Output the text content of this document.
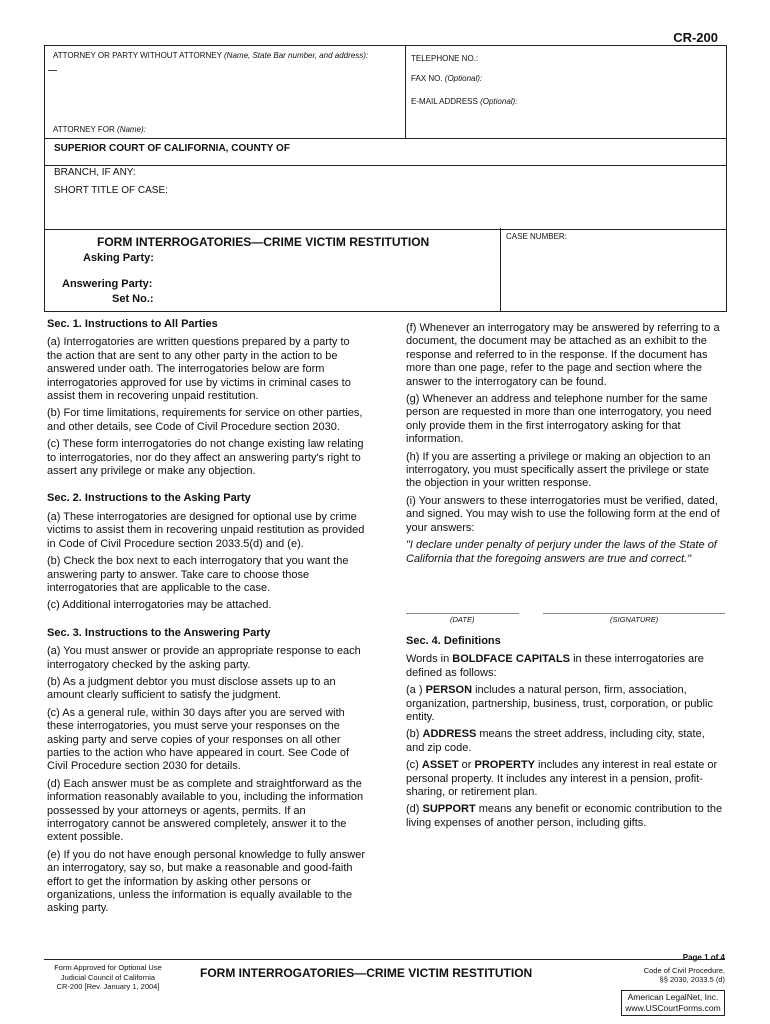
CR-200
ATTORNEY OR PARTY WITHOUT ATTORNEY (Name, State Bar number, and address):	TELEPHONE NO.:
FAX NO. (Optional):
E-MAIL ADDRESS (Optional):
ATTORNEY FOR (Name):
SUPERIOR COURT OF CALIFORNIA, COUNTY OF
BRANCH, IF ANY:
SHORT TITLE OF CASE:
FORM INTERROGATORIES—CRIME VICTIM RESTITUTION
Asking Party:
Answering Party:
Set No.:
CASE NUMBER:
Sec. 1. Instructions to All Parties

(a) Interrogatories are written questions prepared by a party to the action that are sent to any other party in the action to be answered under oath. The interrogatories below are form interrogatories approved for use by victims in criminal cases to assist them in recovering unpaid restitution.

(b) For time limitations, requirements for service on other parties, and other details, see Code of Civil Procedure section 2030.

(c) These form interrogatories do not change existing law relating to interrogatories, nor do they affect an answering party's right to assert any privilege or make any objection.

Sec. 2. Instructions to the Asking Party

(a) These interrogatories are designed for optional use by crime victims to assist them in recovering unpaid restitution as provided in Code of Civil Procedure section 2033.5(d) and (e).

(b) Check the box next to each interrogatory that you want the answering party to answer. Take care to choose those interrogatories that are applicable to the case.

(c) Additional interrogatories may be attached.

Sec. 3. Instructions to the Answering Party

(a) You must answer or provide an appropriate response to each interrogatory checked by the asking party.

(b) As a judgment debtor you must disclose assets up to an amount clearly sufficient to satisfy the judgment.

(c) As a general rule, within 30 days after you are served with these interrogatories, you must serve your responses on the asking party and serve copies of your responses on all other parties to the action who have appeared in court. See Code of Civil Procedure section 2030 for details.

(d) Each answer must be as complete and straightforward as the information reasonably available to you, including the information possessed by your attorneys or agents, permits. If an interrogatory cannot be answered completely, answer it to the extent possible.

(e) If you do not have enough personal knowledge to fully answer an interrogatory, say so, but make a reasonable and good-faith effort to get the information by asking other persons or organizations, unless the information is equally available to the asking party.

(f) Whenever an interrogatory may be answered by referring to a document, the document may be attached as an exhibit to the response and referred to in the response. If the document has more than one page, refer to the page and section where the answer to the interrogatory can be found.

(g) Whenever an address and telephone number for the same person are requested in more than one interrogatory, you need only provide them in the first interrogatory asking for that information.

(h) If you are asserting a privilege or making an objection to an interrogatory, you must specifically assert the privilege or state the objection in your written response.

(i) Your answers to these interrogatories must be verified, dated, and signed. You may wish to use the following form at the end of your answers:

"I declare under penalty of perjury under the laws of the State of California that the foregoing answers are true and correct."

(DATE)	(SIGNATURE)
Sec. 4. Definitions

Words in BOLDFACE CAPITALS in these interrogatories are defined as follows:

(a ) PERSON includes a natural person, firm, association, organization, partnership, business, trust, corporation, or public entity.

(b) ADDRESS means the street address, including city, state, and zip code.

(c) ASSET or PROPERTY includes any interest in real estate or personal property. It includes any interest in a pension, profit-sharing, or retirement plan.

(d) SUPPORT means any benefit or economic contribution to the living expenses of another person, including gifts.

Form Approved for Optional Use
Judicial Council of California
CR-200 [Rev. January 1, 2004]
FORM INTERROGATORIES—CRIME VICTIM RESTITUTION
Page 1 of 4
Code of Civil Procedure,
§§ 2030, 2033.5 (d)
American LegalNet, Inc.
www.USCourtForms.com
